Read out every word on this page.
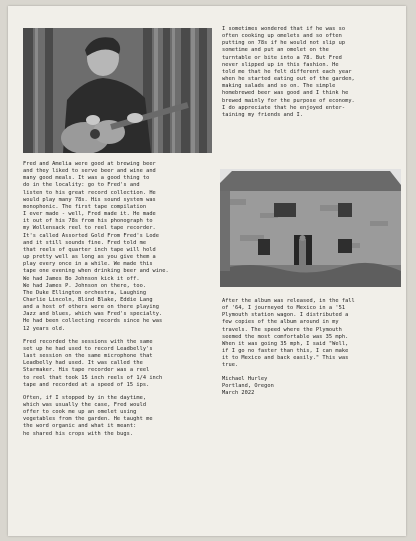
I sometimes wondered that if he was so
often cooking up omelets and so often
putting on 78s if he would not slip up
sometime and put an omelet on the
turntable or bite into a 78. But Fred
never slipped up in this fashion. He
told me that he felt different each year
when he started eating out of the garden,
making salads and so on. The simple
homebrewed beer was good and I think he
brewed mainly for the purpose of economy.
I do appreciate that he enjoyed enter-
taining my friends and I.

After the album was released, in the fall
of '64, I journeyed to Mexico in a '51
Plymouth station wagon. I distributed a
few copies of the album around in my
travels. The speed where the Plymouth
seemed the most comfortable was 35 mph.
When it was going 35 mph, I said "Well,
if I go no faster than this, I can make
it to Mexico and back easily." This was
true.

Michael Hurley
Portland, Oregon
March 2022

Fred and Amelia were good at brewing beer
and they liked to serve beer and wine and
many good meals. It was a good thing to
do in the locality: go to Fred's and
listen to his great record collection. He
would play many 78s. His sound system was
monophonic. The first tape compilation
I ever made - well, Fred made it. He made
it out of his 78s from his phonograph to
my Wollensack reel to reel tape recorder.
It's called Assorted Gold From Fred's Lode
and it still sounds fine. Fred told me
that reels of quarter inch tape will hold
up pretty well as long as you give them a
play every once in a while. We made this
tape one evening when drinking beer and wine.
We had James Bo Johnson kick it off.
We had James P. Johnson on there, too.
The Duke Ellington orchestra, Laughing
Charlie Lincoln, Blind Blake, Eddie Lang
and a host of others were on there playing
Jazz and blues, which was Fred's specialty.
He had been collecting records since he was
12 years old.

Fred recorded the sessions with the same
set up he had used to record Leadbelly's
last session on the same microphone that
Leadbelly had used. It was called the
Starmaker. His tape recorder was a reel
to reel that took 15 inch reels of 1/4 inch
tape and recorded at a speed of 15 ips.

Often, if I stopped by in the daytime,
which was usually the case, Fred would
offer to cook me up an omelet using
vegetables from the garden. He taught me
the word organic and what it meant:
he shared his crops with the bugs.
